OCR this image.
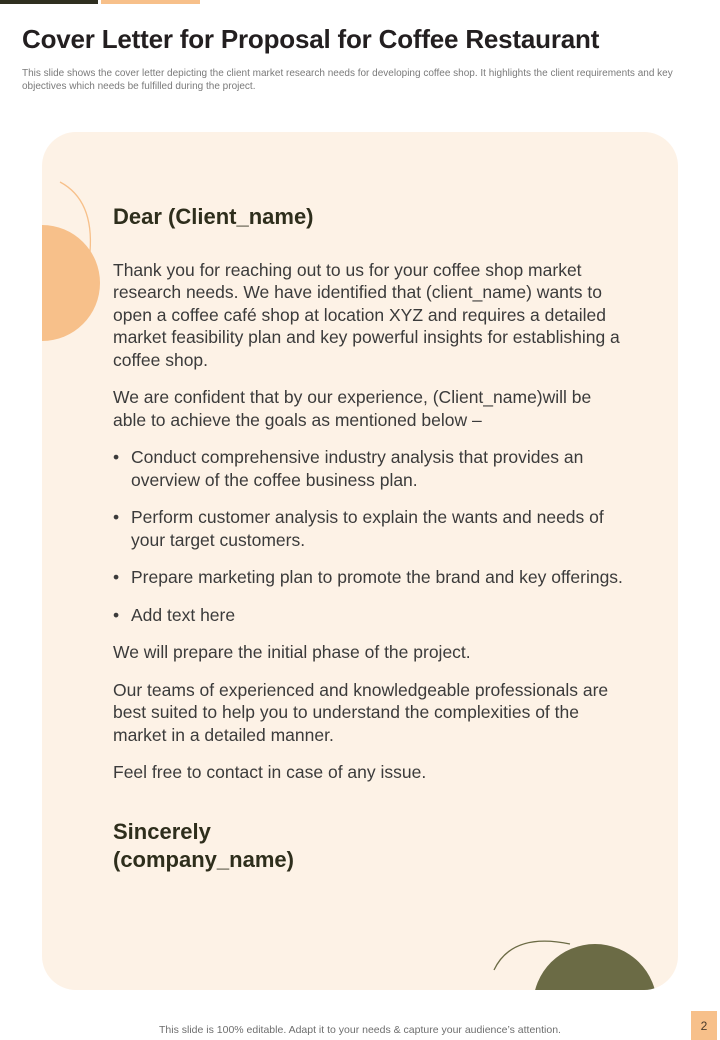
Cover Letter for Proposal for Coffee Restaurant

This slide shows the cover letter depicting the client market research needs for developing coffee shop. It highlights the client requirements and key objectives which needs be fulfilled during the project.

Dear (Client_name)

Thank you for reaching out to us for your coffee shop market research needs. We have identified that (client_name) wants to open a coffee café shop at location XYZ and requires a detailed market feasibility plan and key powerful insights for establishing a coffee shop.

We are confident that by our experience, (Client_name)will be able to achieve the goals as mentioned below –

• Conduct comprehensive industry analysis that provides an overview of the coffee business plan.
• Perform customer analysis to explain the wants and needs of your target customers.
• Prepare marketing plan to promote the brand and key offerings.
• Add text here

We will prepare the initial phase of the project.

Our teams of experienced and knowledgeable professionals are best suited to help you to understand the complexities of the market in a detailed manner.

Feel free to contact in case of any issue.

Sincerely
(company_name)
This slide is 100% editable. Adapt it to your needs & capture your audience’s attention.	2
